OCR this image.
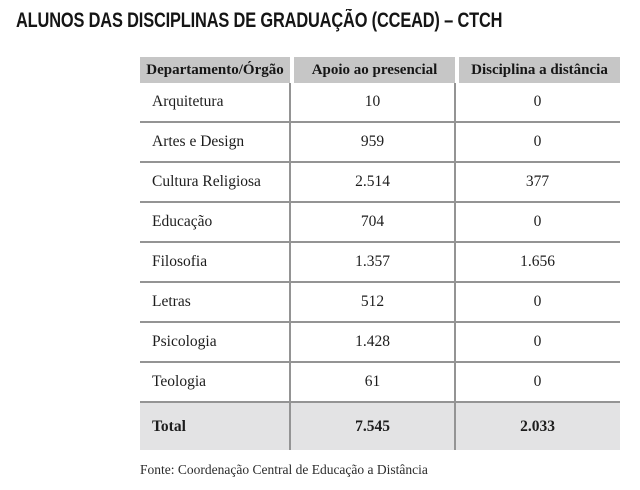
ALUNOS DAS DISCIPLINAS DE GRADUAÇÃO (CCEAD) – CTCH
Departamento/Órgão	Apoio ao presencial	Disciplina a distância
Arquitetura	10	0
Artes e Design	959	0
Cultura Religiosa	2.514	377
Educação	704	0
Filosofia	1.357	1.656
Letras	512	0
Psicologia	1.428	0
Teologia	61	0
Total	7.545	2.033
Fonte: Coordenação Central de Educação a Distância
